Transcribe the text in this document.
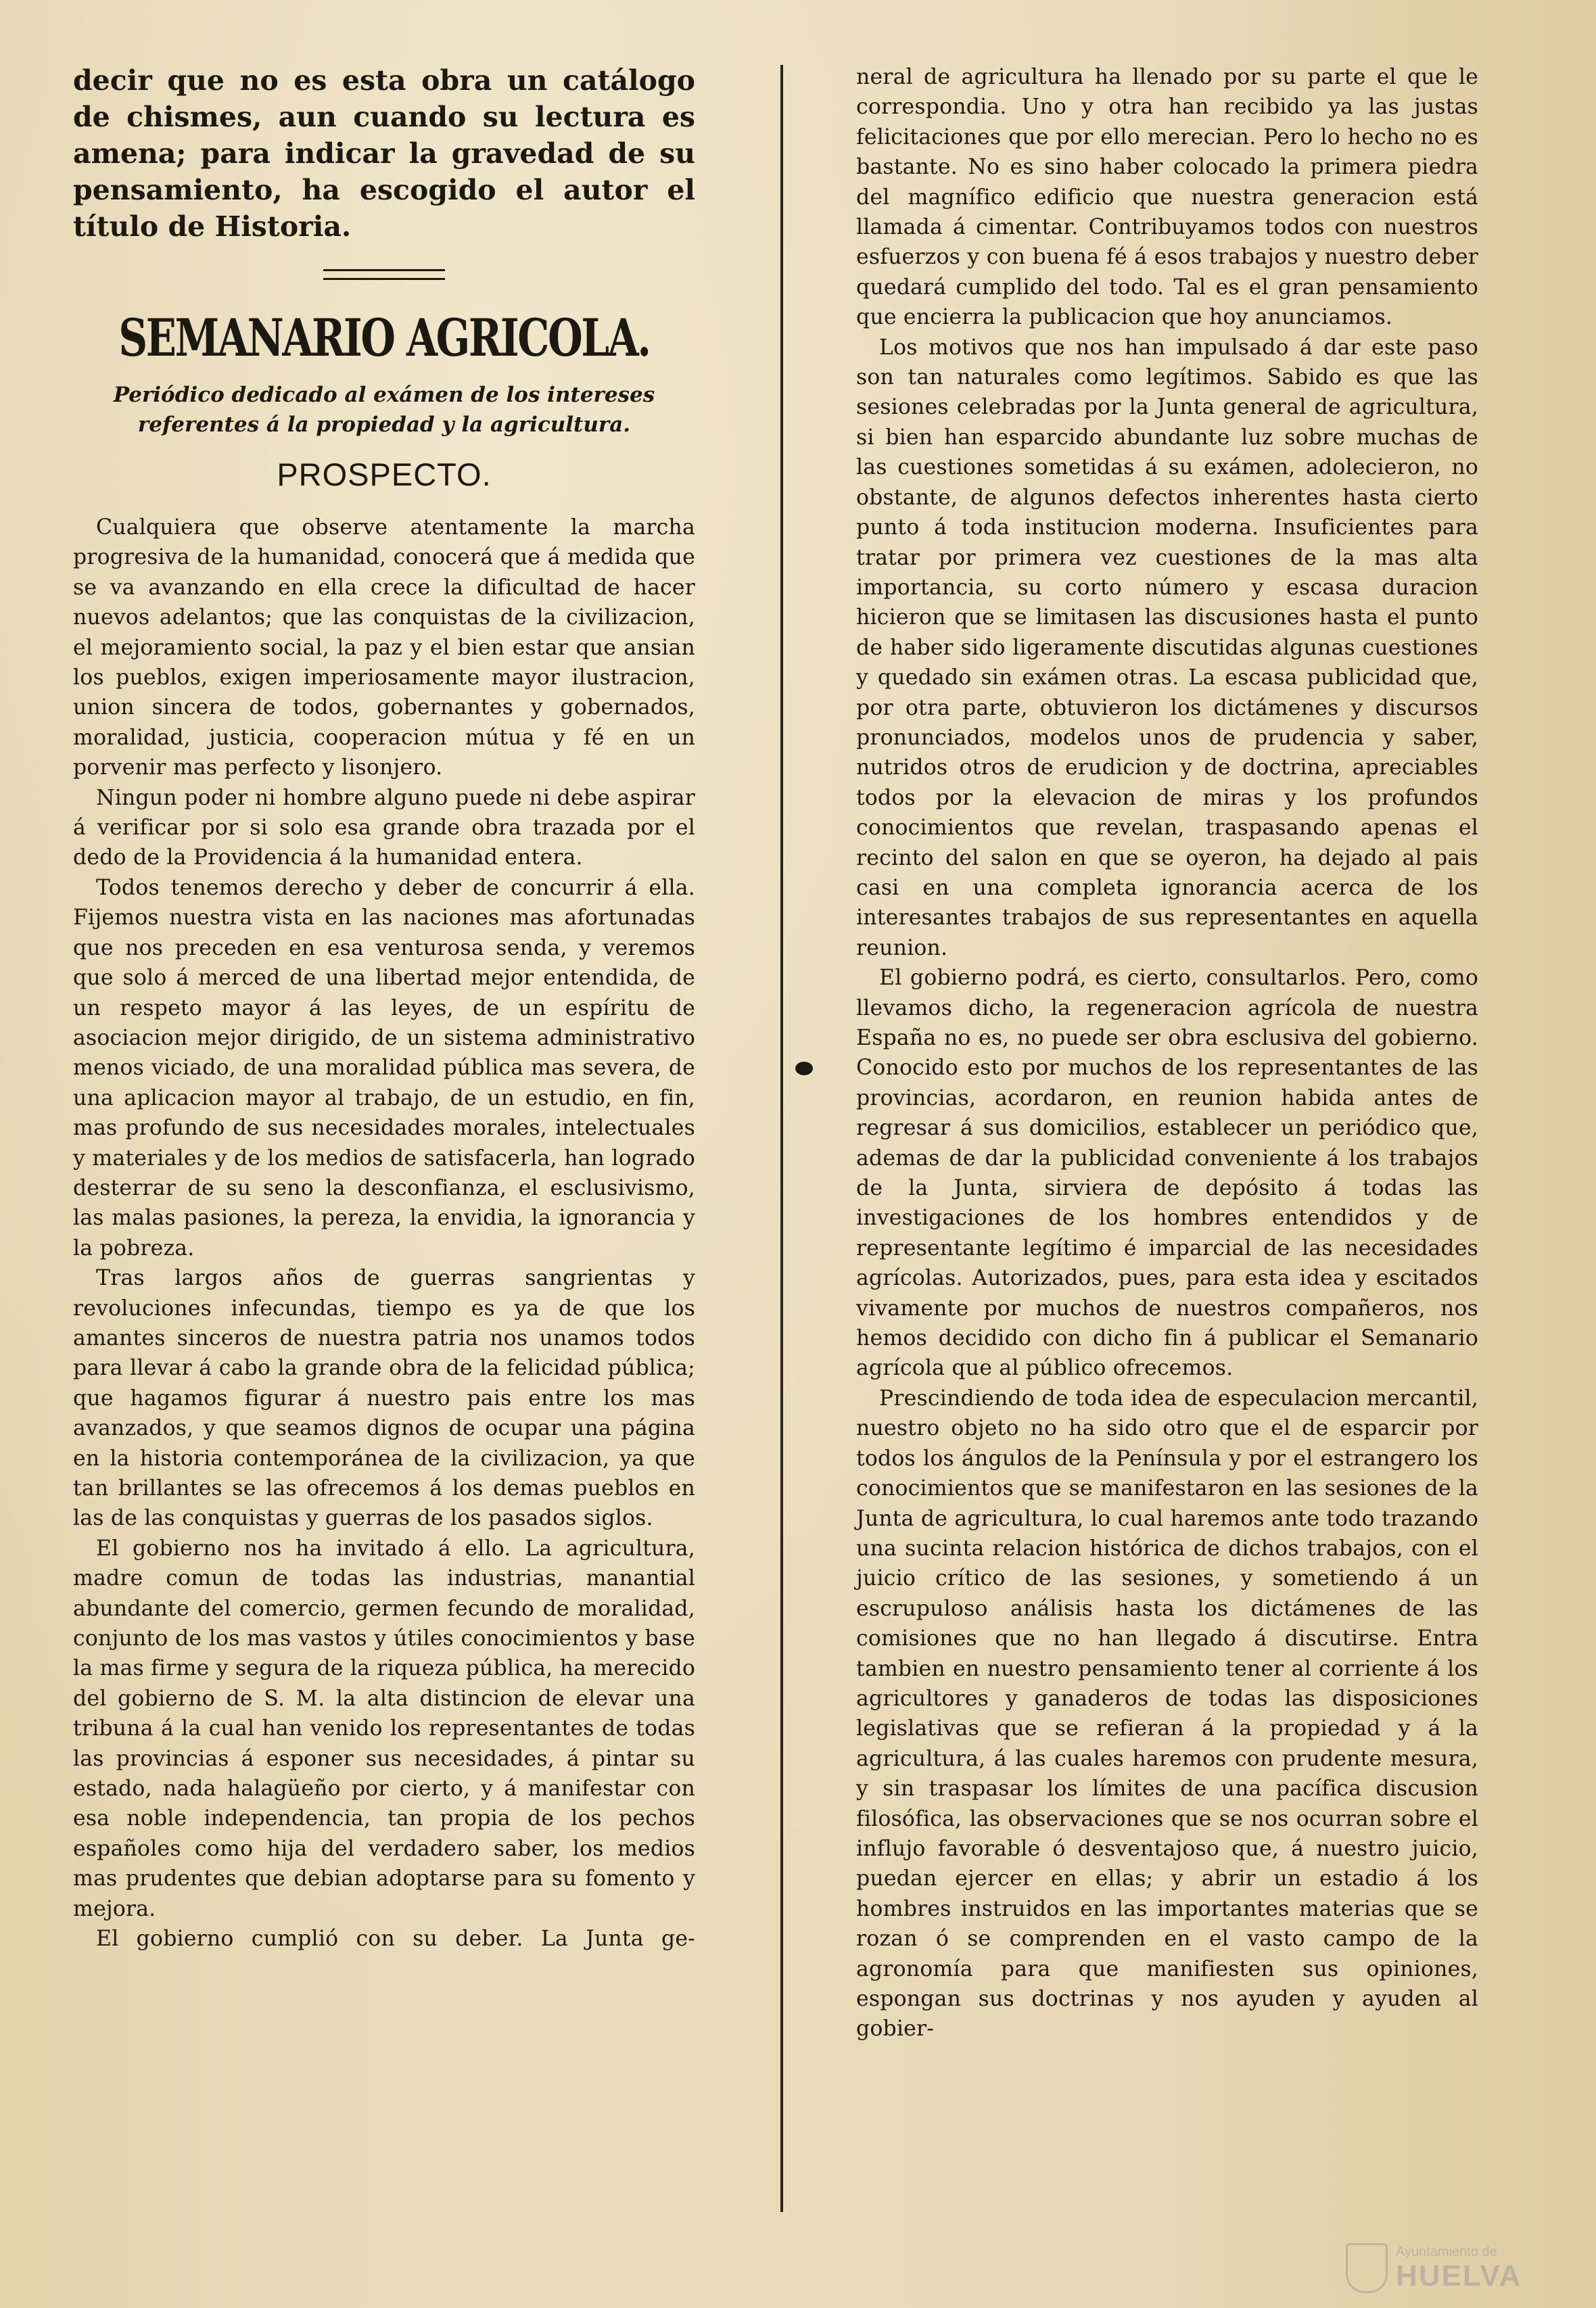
decir que no es esta obra un catálogo de chismes, aun cuando su lectura es amena; para indicar la gravedad de su pensamiento, ha escogido el autor el título de Historia.

SEMANARIO AGRICOLA.

Periódico dedicado al exámen de los intereses referentes á la propiedad y la agricultura.

PROSPECTO.

Cualquiera que observe atentamente la marcha progresiva de la humanidad, conocerá que á medida que se va avanzando en ella crece la dificultad de hacer nuevos adelantos; que las conquistas de la civilizacion, el mejoramiento social, la paz y el bien estar que ansian los pueblos, exigen imperiosamente mayor ilustracion, union sincera de todos, gobernantes y gobernados, moralidad, justicia, cooperacion mútua y fé en un porvenir mas perfecto y lisonjero.

Ningun poder ni hombre alguno puede ni debe aspirar á verificar por si solo esa grande obra trazada por el dedo de la Providencia á la humanidad entera.

Todos tenemos derecho y deber de concurrir á ella. Fijemos nuestra vista en las naciones mas afortunadas que nos preceden en esa venturosa senda, y veremos que solo á merced de una libertad mejor entendida, de un respeto mayor á las leyes, de un espíritu de asociacion mejor dirigido, de un sistema administrativo menos viciado, de una moralidad pública mas severa, de una aplicacion mayor al trabajo, de un estudio, en fin, mas profundo de sus necesidades morales, intelectuales y materiales y de los medios de satisfacerla, han logrado desterrar de su seno la desconfianza, el esclusivismo, las malas pasiones, la pereza, la envidia, la ignorancia y la pobreza.

Tras largos años de guerras sangrientas y revoluciones infecundas, tiempo es ya de que los amantes sinceros de nuestra patria nos unamos todos para llevar á cabo la grande obra de la felicidad pública; que hagamos figurar á nuestro pais entre los mas avanzados, y que seamos dignos de ocupar una página en la historia contemporánea de la civilizacion, ya que tan brillantes se las ofrecemos á los demas pueblos en las de las conquistas y guerras de los pasados siglos.

El gobierno nos ha invitado á ello. La agricultura, madre comun de todas las industrias, manantial abundante del comercio, germen fecundo de moralidad, conjunto de los mas vastos y útiles conocimientos y base la mas firme y segura de la riqueza pública, ha merecido del gobierno de S. M. la alta distincion de elevar una tribuna á la cual han venido los representantes de todas las provincias á esponer sus necesidades, á pintar su estado, nada halagüeño por cierto, y á manifestar con esa noble independencia, tan propia de los pechos españoles como hija del verdadero saber, los medios mas prudentes que debian adoptarse para su fomento y mejora.

El gobierno cumplió con su deber. La Junta ge-

neral de agricultura ha llenado por su parte el que le correspondia. Uno y otra han recibido ya las justas felicitaciones que por ello merecian. Pero lo hecho no es bastante. No es sino haber colocado la primera piedra del magnífico edificio que nuestra generacion está llamada á cimentar. Contribuyamos todos con nuestros esfuerzos y con buena fé á esos trabajos y nuestro deber quedará cumplido del todo. Tal es el gran pensamiento que encierra la publicacion que hoy anunciamos.

Los motivos que nos han impulsado á dar este paso son tan naturales como legítimos. Sabido es que las sesiones celebradas por la Junta general de agricultura, si bien han esparcido abundante luz sobre muchas de las cuestiones sometidas á su exámen, adolecieron, no obstante, de algunos defectos inherentes hasta cierto punto á toda institucion moderna. Insuficientes para tratar por primera vez cuestiones de la mas alta importancia, su corto número y escasa duracion hicieron que se limitasen las discusiones hasta el punto de haber sido ligeramente discutidas algunas cuestiones y quedado sin exámen otras. La escasa publicidad que, por otra parte, obtuvieron los dictámenes y discursos pronunciados, modelos unos de prudencia y saber, nutridos otros de erudicion y de doctrina, apreciables todos por la elevacion de miras y los profundos conocimientos que revelan, traspasando apenas el recinto del salon en que se oyeron, ha dejado al pais casi en una completa ignorancia acerca de los interesantes trabajos de sus representantes en aquella reunion.

El gobierno podrá, es cierto, consultarlos. Pero, como llevamos dicho, la regeneracion agrícola de nuestra España no es, no puede ser obra esclusiva del gobierno. Conocido esto por muchos de los representantes de las provincias, acordaron, en reunion habida antes de regresar á sus domicilios, establecer un periódico que, ademas de dar la publicidad conveniente á los trabajos de la Junta, sirviera de depósito á todas las investigaciones de los hombres entendidos y de representante legítimo é imparcial de las necesidades agrícolas. Autorizados, pues, para esta idea y escitados vivamente por muchos de nuestros compañeros, nos hemos decidido con dicho fin á publicar el Semanario agrícola que al público ofrecemos.

Prescindiendo de toda idea de especulacion mercantil, nuestro objeto no ha sido otro que el de esparcir por todos los ángulos de la Península y por el estrangero los conocimientos que se manifestaron en las sesiones de la Junta de agricultura, lo cual haremos ante todo trazando una sucinta relacion histórica de dichos trabajos, con el juicio crítico de las sesiones, y sometiendo á un escrupuloso análisis hasta los dictámenes de las comisiones que no han llegado á discutirse. Entra tambien en nuestro pensamiento tener al corriente á los agricultores y ganaderos de todas las disposiciones legislativas que se refieran á la propiedad y á la agricultura, á las cuales haremos con prudente mesura, y sin traspasar los límites de una pacífica discusion filosófica, las observaciones que se nos ocurran sobre el influjo favorable ó desventajoso que, á nuestro juicio, puedan ejercer en ellas; y abrir un estadio á los hombres instruidos en las importantes materias que se rozan ó se comprenden en el vasto campo de la agronomía para que manifiesten sus opiniones, espongan sus doctrinas y nos ayuden y ayuden al gobier-

Ayuntamiento de
HUELVA
